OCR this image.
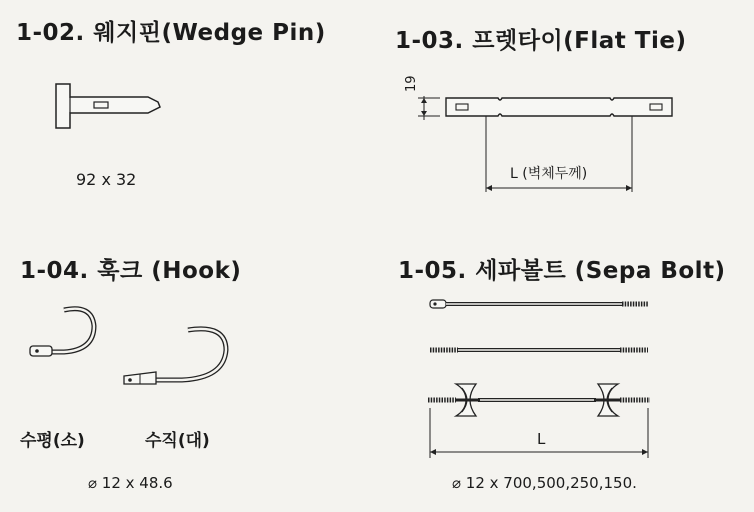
1-02. 웨지핀(Wedge Pin)
92 x 32
1-03. 프렛타이(Flat Tie)
19
L (벽체두께)
1-04. 훅크 (Hook)
수평(소)	수직(대)
⌀ 12 x 48.6
1-05. 세파볼트 (Sepa Bolt)
L
⌀ 12 x 700,500,250,150.
